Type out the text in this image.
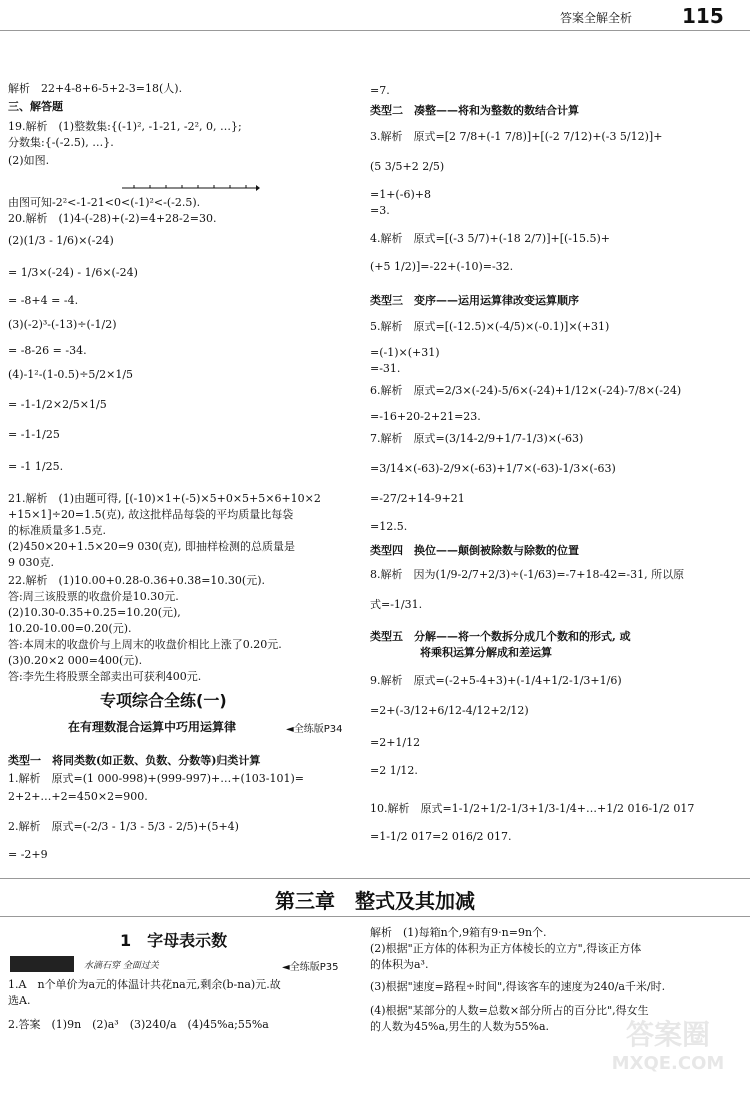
答案全解全析 115
解析　22+4-8+6-5+2-3=18(人).
三、解答题
19.解析　(1)整数集:{(-1)², -1-21, -2², 0, …};
分数集:{-(-2.5), …}.
(2)如图.
由图可知-2²<-1-21<0<(-1)²<-(-2.5).
20.解析　(1)4-(-28)+(-2)=4+28-2=30.
(2)(1/3 - 1/6)×(-24)
= 1/3×(-24) - 1/6×(-24)
= -8+4 = -4.
(3)(-2)³-(-13)÷(-1/2)
= -8-26 = -34.
(4)-1²-(1-0.5)÷5/2×1/5
= -1-1/2×2/5×1/5
= -1-1/25
= -1 1/25.
21.解析　(1)由题可得, [(-10)×1+(-5)×5+0×5+5×6+10×2
+15×1]÷20=1.5(克), 故这批样品每袋的平均质量比每袋
的标准质量多1.5克.
(2)450×20+1.5×20=9 030(克), 即抽样检测的总质量是
9 030克.
22.解析　(1)10.00+0.28-0.36+0.38=10.30(元).
答:周三该股票的收盘价是10.30元.
(2)10.30-0.35+0.25=10.20(元),
10.20-10.00=0.20(元).
答:本周末的收盘价与上周末的收盘价相比上涨了0.20元.
(3)0.20×2 000=400(元).
答:李先生将股票全部卖出可获利400元.
专项综合全练(一)
在有理数混合运算中巧用运算律	◄全练版P34
类型一　将同类数(如正数、负数、分数等)归类计算
1.解析　原式=(1 000-998)+(999-997)+…+(103-101)=
2+2+…+2=450×2=900.
2.解析　原式=(-2/3 - 1/3 - 5/3 - 2/5)+(5+4)
= -2+9
=7.
类型二　凑整——将和为整数的数结合计算
3.解析　原式=[2 7/8+(-1 7/8)]+[(-2 7/12)+(-3 5/12)]+
(5 3/5+2 2/5)
=1+(-6)+8
=3.
4.解析　原式=[(-3 5/7)+(-18 2/7)]+[(-15.5)+
(+5 1/2)]=-22+(-10)=-32.
类型三　变序——运用运算律改变运算顺序
5.解析　原式=[(-12.5)×(-4/5)×(-0.1)]×(+31)
=(-1)×(+31)
=-31.
6.解析　原式=2/3×(-24)-5/6×(-24)+1/12×(-24)-7/8×(-24)
=-16+20-2+21=23.
7.解析　原式=(3/14-2/9+1/7-1/3)×(-63)
=3/14×(-63)-2/9×(-63)+1/7×(-63)-1/3×(-63)
=-27/2+14-9+21
=12.5.
类型四　换位——颠倒被除数与除数的位置
8.解析　因为(1/9-2/7+2/3)÷(-1/63)=-7+18-42=-31, 所以原
式=-1/31.
类型五　分解——将一个数拆分成几个数和的形式, 或
将乘积运算分解成和差运算
9.解析　原式=(-2+5-4+3)+(-1/4+1/2-1/3+1/6)
=2+(-3/12+6/12-4/12+2/12)
=2+1/12
=2 1/12.
10.解析　原式=1-1/2+1/2-1/3+1/3-1/4+…+1/2 016-1/2 017
=1-1/2 017=2 016/2 017.
第三章　整式及其加减
1　字母表示数
水滴石穿 全面过关	◄全练版P35
1.A　n个单价为a元的体温计共花na元,剩余(b-na)元.故
选A.
2.答案　(1)9n　(2)a³　(3)240/a　(4)45%a;55%a
解析　(1)每箱n个,9箱有9·n=9n个.
(2)根据"正方体的体积为正方体棱长的立方",得该正方体
的体积为a³.
(3)根据"速度=路程÷时间",得该客车的速度为240/a千米/时.
(4)根据"某部分的人数=总数×部分所占的百分比",得女生
的人数为45%a,男生的人数为55%a.	答案圈
MXQE.COM
